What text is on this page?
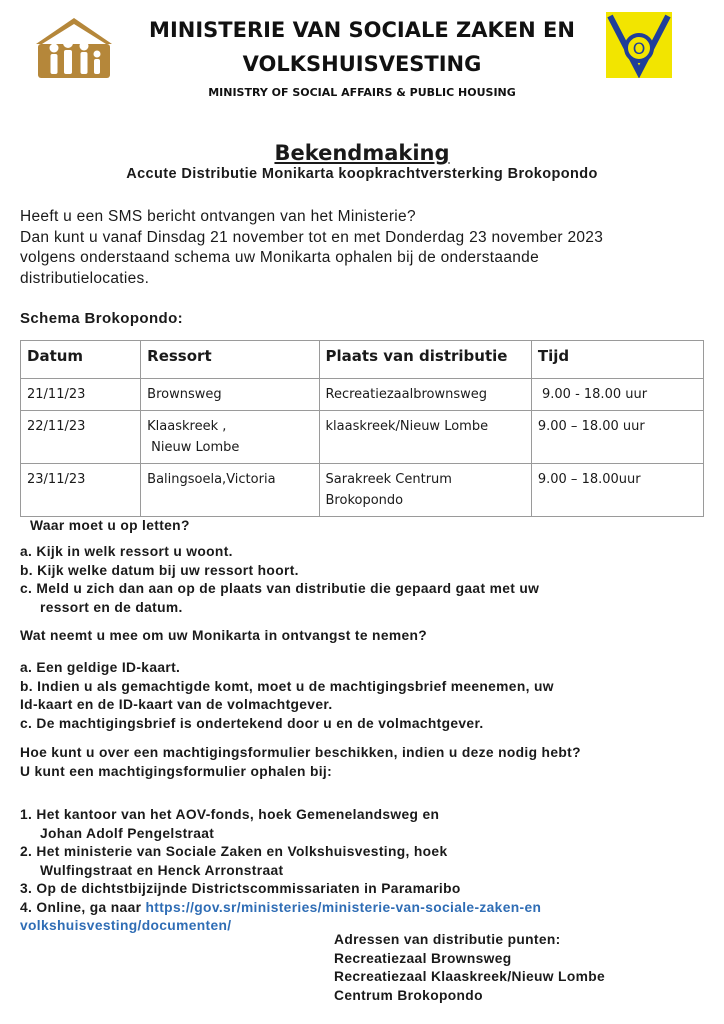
MINISTERIE VAN SOCIALE ZAKEN EN
VOLKSHUISVESTING
MINISTRY OF SOCIAL AFFAIRS & PUBLIC HOUSING
O
Bekendmaking
Accute Distributie Monikarta koopkrachtversterking Brokopondo

Heeft u een SMS bericht ontvangen van het Ministerie?

Dan kunt u vanaf Dinsdag 21 november tot en met Donderdag 23 november 2023

volgens onderstaand schema uw Monikarta ophalen bij de onderstaande

distributielocaties.

Schema Brokopondo:
Datum	Ressort	Plaats van distributie	Tijd
21/11/23	Brownsweg	Recreatiezaalbrownsweg	9.00 - 18.00 uur
22/11/23	Klaaskreek ,
Nieuw Lombe	klaaskreek/Nieuw Lombe	9.00 – 18.00 uur
23/11/23	Balingsoela,Victoria	Sarakreek Centrum
Brokopondo	9.00 – 18.00uur
Waar moet u op letten?

a. Kijk in welk ressort u woont.

b. Kijk welke datum bij uw ressort hoort.

c. Meld u zich dan aan op de plaats van distributie die gepaard gaat met uw

ressort en de datum.

Wat neemt u mee om uw Monikarta in ontvangst te nemen?

a. Een geldige ID-kaart.

b. Indien u als gemachtigde komt, moet u de machtigingsbrief meenemen, uw

Id-kaart en de ID-kaart van de volmachtgever.

c. De machtigingsbrief is ondertekend door u en de volmachtgever.

Hoe kunt u over een machtigingsformulier beschikken, indien u deze nodig hebt?

U kunt een machtigingsformulier ophalen bij:

1. Het kantoor van het AOV-fonds, hoek Gemenelandsweg en

Johan Adolf Pengelstraat

2. Het ministerie van Sociale Zaken en Volkshuisvesting, hoek

Wulfingstraat en Henck Arronstraat

3. Op de dichtstbijzijnde Districtscommissariaten in Paramaribo

4. Online, ga naar https://gov.sr/ministeries/ministerie-van-sociale-zaken-en

volkshuisvesting/documenten/

Adressen van distributie punten:

Recreatiezaal Brownsweg

Recreatiezaal Klaaskreek/Nieuw Lombe

Centrum Brokopondo
